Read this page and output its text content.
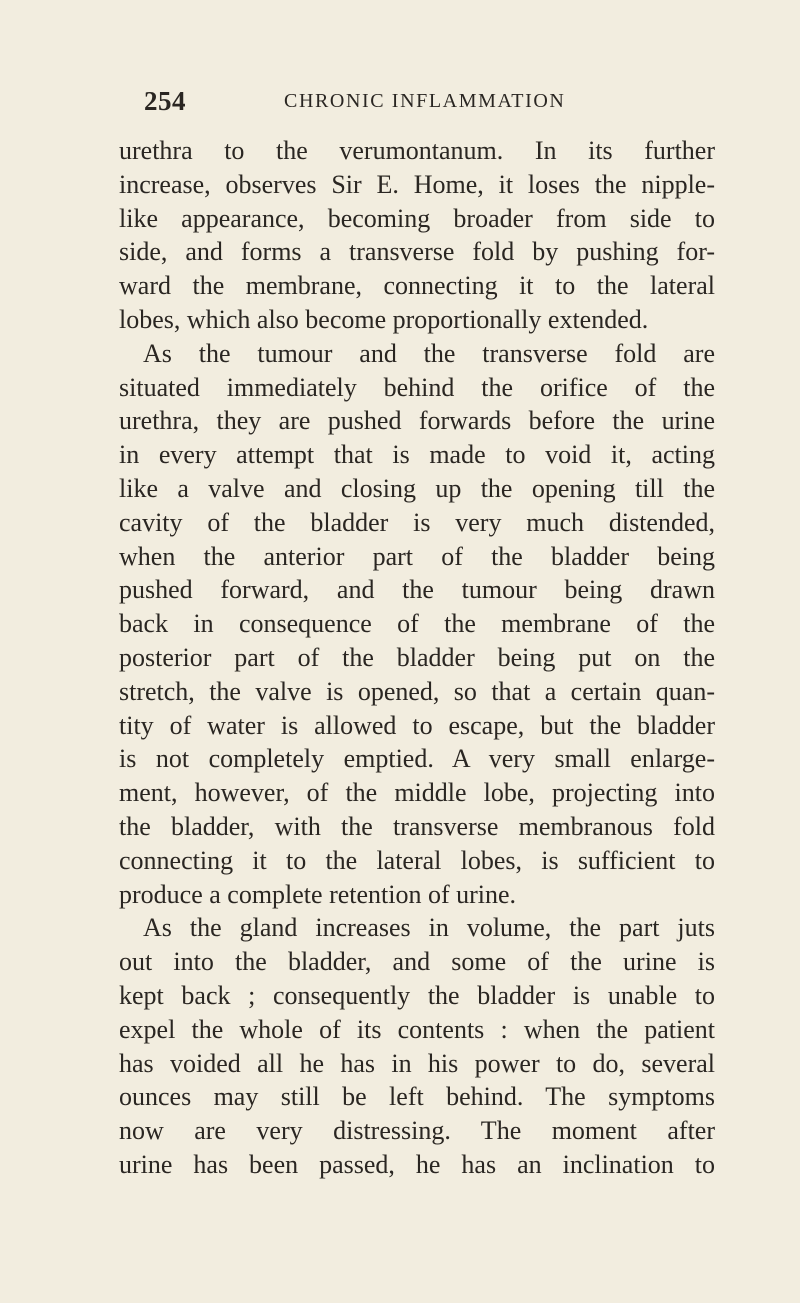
254	CHRONIC INFLAMMATION
urethra to the verumontanum. In its further
increase, observes Sir E. Home, it loses the nipple-
like appearance, becoming broader from side to
side, and forms a transverse fold by pushing for-
ward the membrane, connecting it to the lateral
lobes, which also become proportionally extended.
As the tumour and the transverse fold are
situated immediately behind the orifice of the
urethra, they are pushed forwards before the urine
in every attempt that is made to void it, acting
like a valve and closing up the opening till the
cavity of the bladder is very much distended,
when the anterior part of the bladder being
pushed forward, and the tumour being drawn
back in consequence of the membrane of the
posterior part of the bladder being put on the
stretch, the valve is opened, so that a certain quan-
tity of water is allowed to escape, but the bladder
is not completely emptied. A very small enlarge-
ment, however, of the middle lobe, projecting into
the bladder, with the transverse membranous fold
connecting it to the lateral lobes, is sufficient to
produce a complete retention of urine.
As the gland increases in volume, the part juts
out into the bladder, and some of the urine is
kept back ; consequently the bladder is unable to
expel the whole of its contents : when the patient
has voided all he has in his power to do, several
ounces may still be left behind. The symptoms
now are very distressing. The moment after
urine has been passed, he has an inclination to
